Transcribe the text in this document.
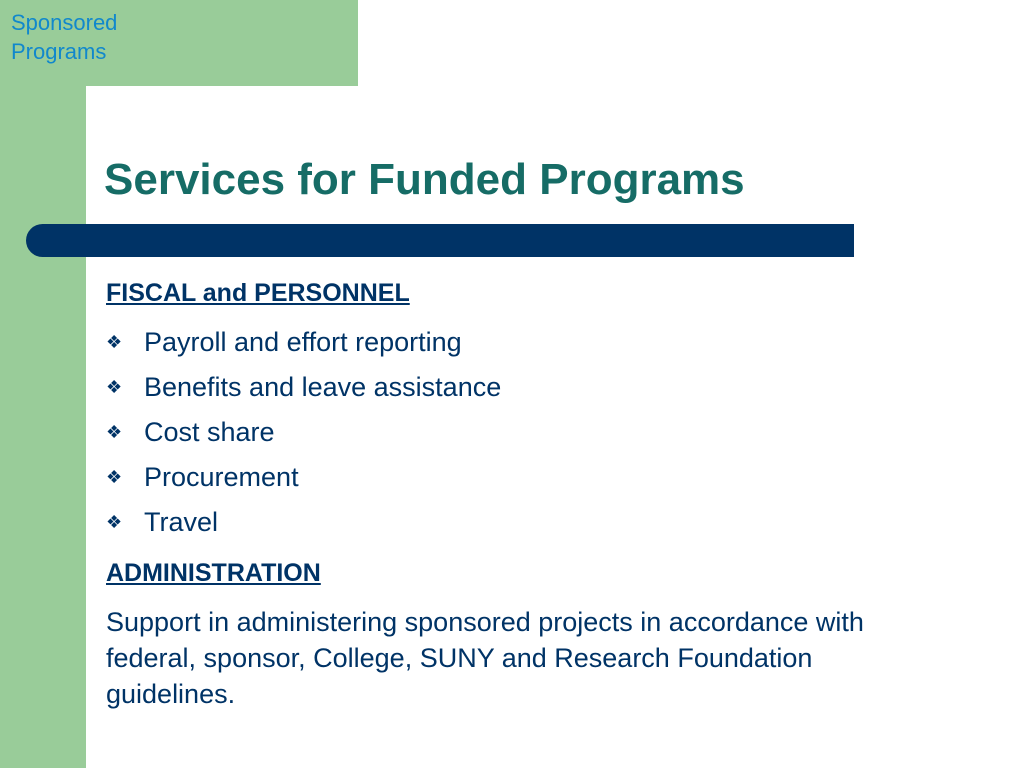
Sponsored
Programs
Services for Funded Programs
FISCAL and PERSONNEL
❖ Payroll and effort reporting
❖ Benefits and leave assistance
❖ Cost share
❖ Procurement
❖ Travel
ADMINISTRATION

Support in administering sponsored projects in accordance with federal, sponsor, College, SUNY and Research Foundation guidelines.
